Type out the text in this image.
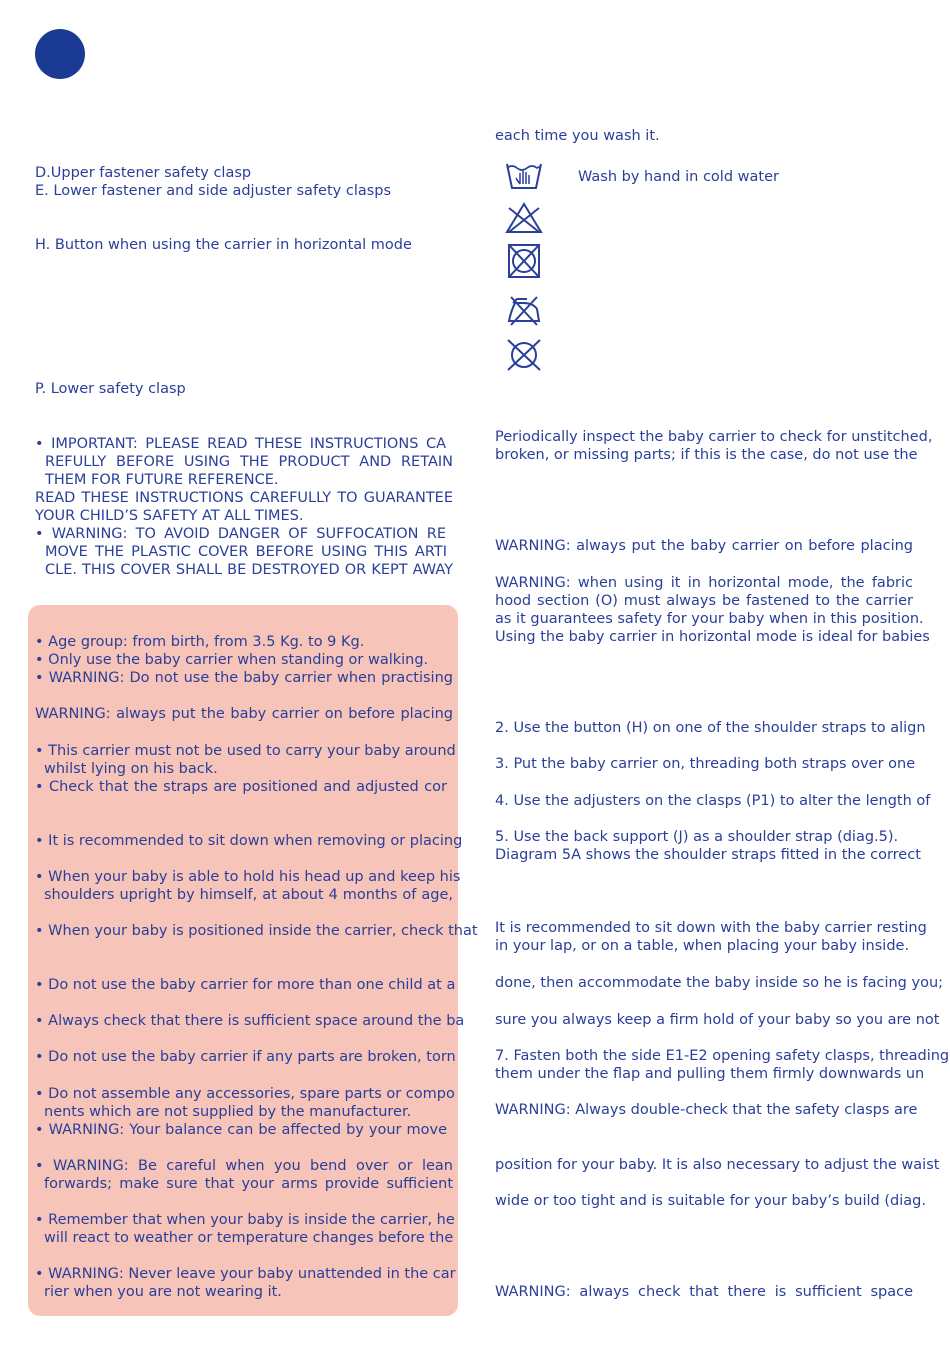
D.Upper fastener safety clasp
E. Lower fastener and side adjuster safety clasps
H. Button when using the carrier in horizontal mode
P. Lower safety clasp
• IMPORTANT: PLEASE READ THESE INSTRUCTIONS CA
REFULLY BEFORE USING THE PRODUCT AND RETAIN
THEM FOR FUTURE REFERENCE.
READ THESE INSTRUCTIONS CAREFULLY TO GUARANTEE
YOUR CHILD’S SAFETY AT ALL TIMES.
• WARNING: TO AVOID DANGER OF SUFFOCATION RE
MOVE THE PLASTIC COVER BEFORE USING THIS ARTI
CLE. THIS COVER SHALL BE DESTROYED OR KEPT AWAY
• Age group: from birth, from 3.5 Kg. to 9 Kg.
• Only use the baby carrier when standing or walking.
• WARNING: Do not use the baby carrier when practising
WARNING: always put the baby carrier on before placing
• This carrier must not be used to carry your baby around
whilst lying on his back.
• Check that the straps are positioned and adjusted cor
• It is recommended to sit down when removing or placing
• When your baby is able to hold his head up and keep his
shoulders upright by himself, at about 4 months of age,
• When your baby is positioned inside the carrier, check that
• Do not use the baby carrier for more than one child at a
• Always check that there is sufficient space around the ba
• Do not use the baby carrier if any parts are broken, torn
• Do not assemble any accessories, spare parts or compo
nents which are not supplied by the manufacturer.
• WARNING: Your balance can be affected by your move
• WARNING: Be careful when you bend over or lean
forwards; make sure that your arms provide sufficient
• Remember that when your baby is inside the carrier, he
will react to weather or temperature changes before the
• WARNING: Never leave your baby unattended in the car
rier when you are not wearing it.
each time you wash it.
Wash by hand in cold water
Periodically inspect the baby carrier to check for unstitched,
broken, or missing parts; if this is the case, do not use the
WARNING: always put the baby carrier on before placing
WARNING: when using it in horizontal mode, the fabric
hood section (O) must always be fastened to the carrier
as it guarantees safety for your baby when in this position.
Using the baby carrier in horizontal mode is ideal for babies
2. Use the button (H) on one of the shoulder straps to align
3. Put the baby carrier on, threading both straps over one
4. Use the adjusters on the clasps (P1) to alter the length of
5. Use the back support (J) as a shoulder strap (diag.5).
Diagram 5A shows the shoulder straps fitted in the correct
It is recommended to sit down with the baby carrier resting
in your lap, or on a table, when placing your baby inside.
done, then accommodate the baby inside so he is facing you;
sure you always keep a firm hold of your baby so you are not
7. Fasten both the side E1-E2 opening safety clasps, threading
them under the flap and pulling them firmly downwards un
WARNING: Always double-check that the safety clasps are
position for your baby. It is also necessary to adjust the waist
wide or too tight and is suitable for your baby’s build (diag.
WARNING: always check that there is sufficient space
